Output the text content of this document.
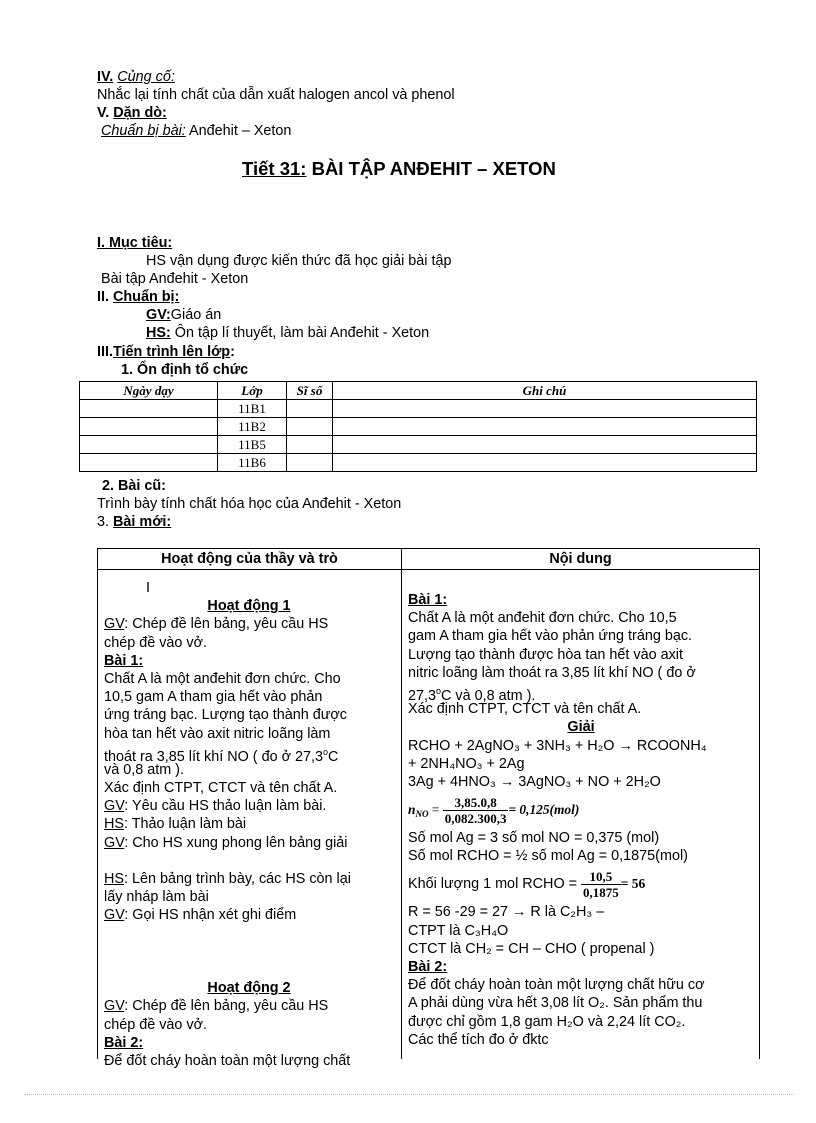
IV. Củng cố:
Nhắc lại tính chất của dẫn xuất halogen ancol và phenol
V. Dặn dò:
Chuẩn bị bài: Anđehit – Xeton
Tiết 31: BÀI TẬP ANĐEHIT – XETON
I. Mục tiêu:
HS vận dụng được kiến thức đã học giải bài tập
Bài tập Anđehit - Xeton
II. Chuẩn bị:
GV:Giáo án
HS: Ôn tập lí thuyết, làm bài Anđehit - Xeton
III.Tiến trình lên lớp:
1. Ổn định tổ chức
Ngày dạy	Lớp	Sĩ số	Ghi chú
	11B1		
	11B2		
	11B5		
	11B6		
2. Bài cũ:
Trình bày tính chất hóa học của Anđehit - Xeton
3. Bài mới:
Hoạt động của thầy và trò	Nội dung
I
Hoạt động 1
GV: Chép đề lên bảng, yêu cầu HS
chép đề vào vở.
Bài 1:
Chất A là một anđehit đơn chức. Cho
10,5 gam A tham gia hết vào phản
ứng tráng bạc. Lượng tạo thành được
hòa tan hết vào axit nitric loãng làm
thoát ra 3,85 lít khí NO ( đo ở 27,3$^o$C
và 0,8 atm ).
Xác định CTPT, CTCT và tên chất A.
GV: Yêu cầu HS thảo luận làm bài.
HS: Thảo luận làm bài
GV: Cho HS xung phong lên bảng giải
HS: Lên bảng trình bày, các HS còn lại
lấy nháp làm bài
GV: Gọi HS nhận xét ghi điểm
Hoạt động 2
GV: Chép đề lên bảng, yêu cầu HS
chép đề vào vở.
Bài 2:
Để đốt cháy hoàn toàn một lượng chất
Bài 1:
Chất A là một anđehit đơn chức. Cho 10,5
gam A tham gia hết vào phản ứng tráng bạc.
Lượng tạo thành được hòa tan hết vào axit
nitric loãng làm thoát ra 3,85 lít khí NO ( đo ở
27,3$^o$C và 0,8 atm ).
Xác định CTPT, CTCT và tên chất A.
Giải
RCHO + 2AgNO₃ + 3NH₃ + H₂O → RCOONH₄
+ 2NH₄NO₃ + 2Ag
3Ag + 4HNO₃ → 3AgNO₃ + NO + 2H₂O
$n_{NO} = \frac{3,85.0,8}{0,082.300,3} = 0,125(mol)$
Số mol Ag = 3 số mol NO = 0,375 (mol)
Số mol RCHO = ½ số mol Ag = 0,1875(mol)
Khối lượng 1 mol RCHO = $\frac{10,5}{0,1875} = 56$
R = 56 -29 = 27 → R là C₂H₃ –
CTPT là C₃H₄O
CTCT là CH₂ = CH – CHO ( propenal )
Bài 2:
Để đốt cháy hoàn toàn một lượng chất hữu cơ
A phải dùng vừa hết 3,08 lít O₂. Sản phẩm thu
được chỉ gồm 1,8 gam H₂O và 2,24 lít CO₂.
Các thể tích đo ở đktc
